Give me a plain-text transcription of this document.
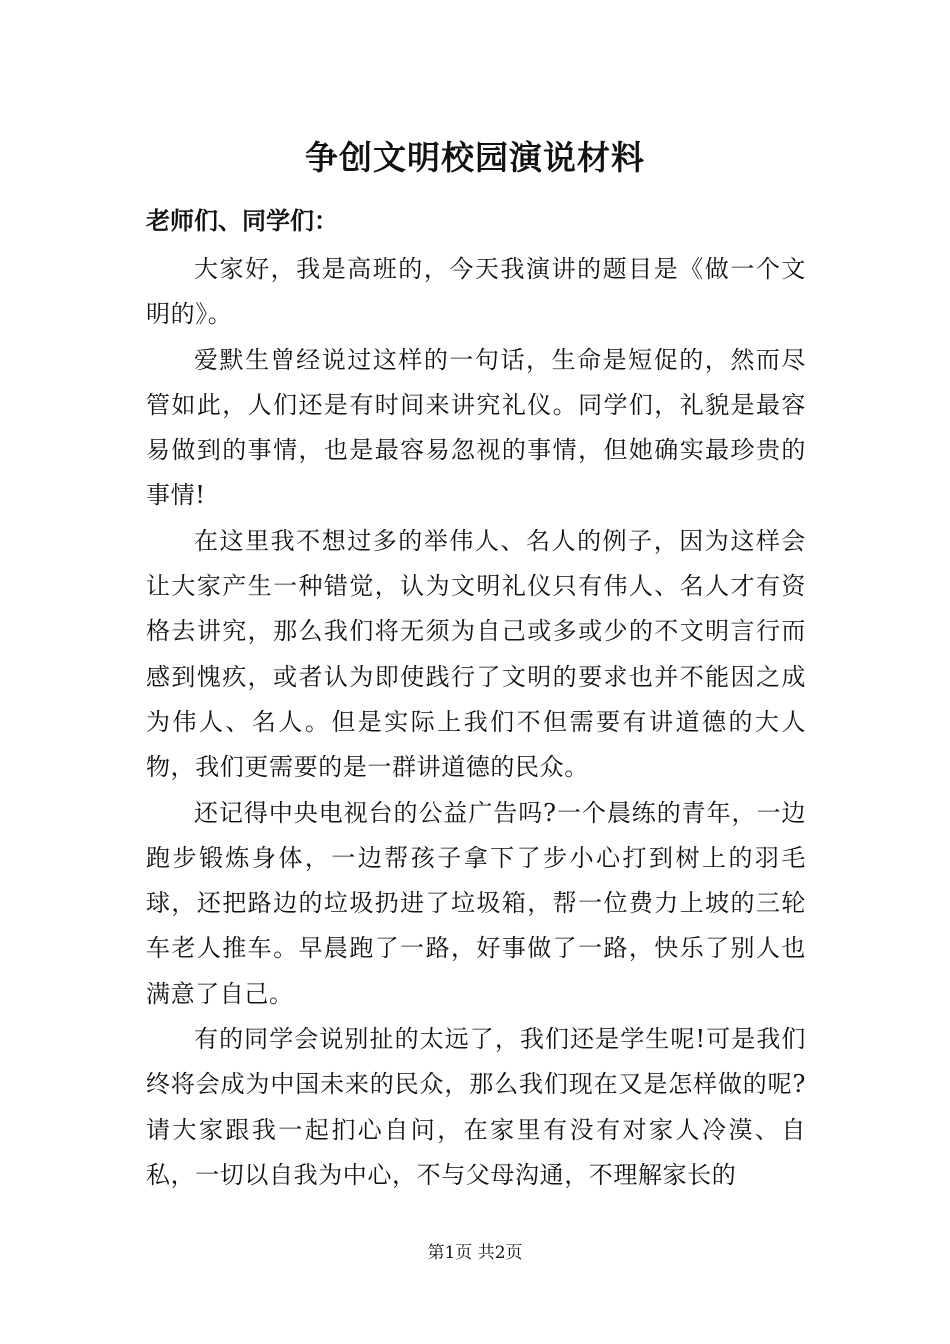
争创文明校园演说材料
老师们、同学们：

大家好，我是高班的，今天我演讲的题目是《做一个文明的》。

爱默生曾经说过这样的一句话，生命是短促的，然而尽管如此，人们还是有时间来讲究礼仪。同学们，礼貌是最容易做到的事情，也是最容易忽视的事情，但她确实最珍贵的事情!

在这里我不想过多的举伟人、名人的例子，因为这样会让大家产生一种错觉，认为文明礼仪只有伟人、名人才有资格去讲究，那么我们将无须为自己或多或少的不文明言行而感到愧疚，或者认为即使践行了文明的要求也并不能因之成为伟人、名人。但是实际上我们不但需要有讲道德的大人物，我们更需要的是一群讲道德的民众。

还记得中央电视台的公益广告吗?一个晨练的青年，一边跑步锻炼身体，一边帮孩子拿下了步小心打到树上的羽毛球，还把路边的垃圾扔进了垃圾箱，帮一位费力上坡的三轮车老人推车。早晨跑了一路，好事做了一路，快乐了别人也满意了自己。

有的同学会说别扯的太远了，我们还是学生呢!可是我们终将会成为中国未来的民众，那么我们现在又是怎样做的呢?请大家跟我一起扪心自问，在家里有没有对家人冷漠、自私，一切以自我为中心，不与父母沟通，不理解家长的

第1页 共2页
